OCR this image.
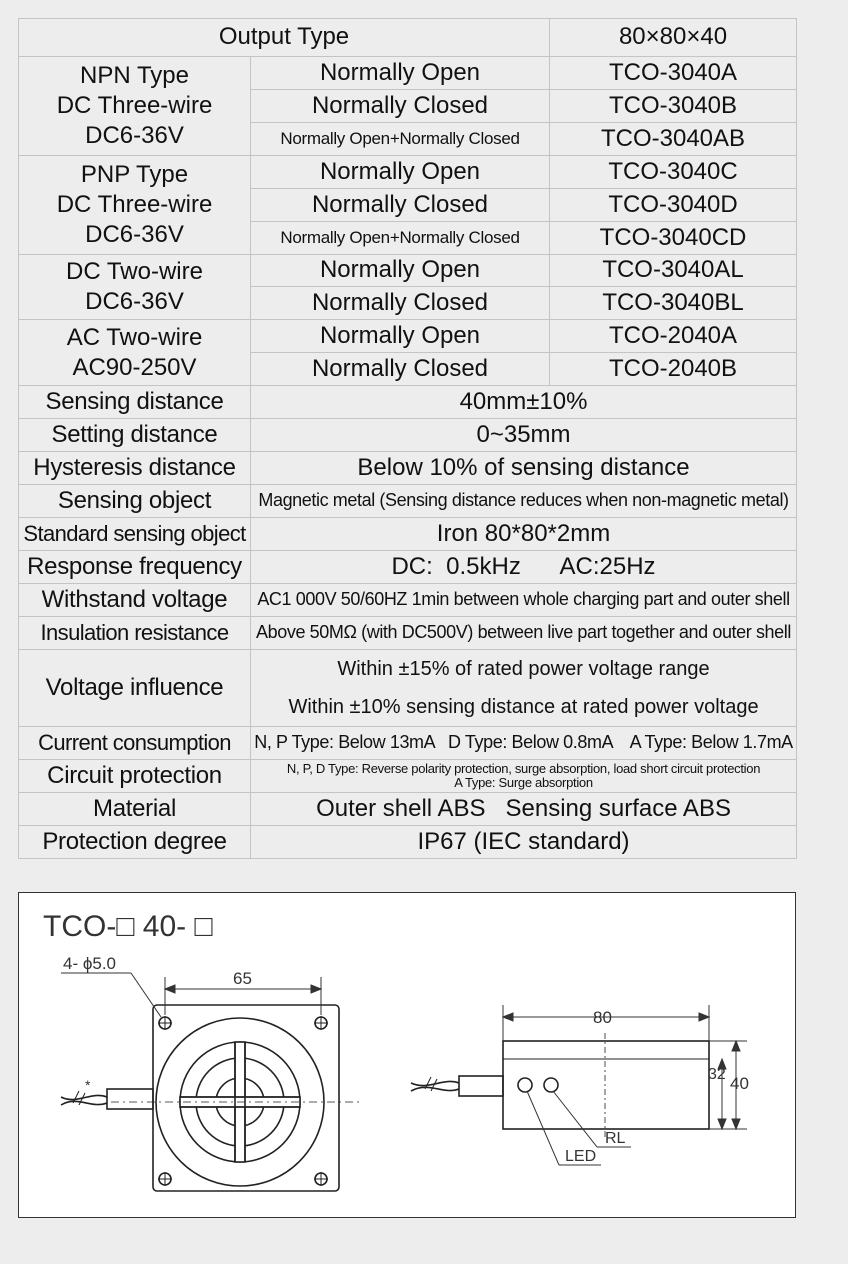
Output Type		80×80×40

NPN Type
DC Three-wire
DC6-36V	Normally Open	TCO-3040A
	Normally Closed	TCO-3040B
	Normally Open+Normally Closed	TCO-3040AB

PNP Type
DC Three-wire
DC6-36V	Normally Open	TCO-3040C
	Normally Closed	TCO-3040D
	Normally Open+Normally Closed	TCO-3040CD

DC Two-wire
DC6-36V	Normally Open	TCO-3040AL
	Normally Closed	TCO-3040BL

AC Two-wire
AC90-250V	Normally Open	TCO-2040A
	Normally Closed	TCO-2040B
Sensing distance	40mm±10%	
Setting distance	0~35mm	
Hysteresis distance	Below 10% of sensing distance	
Sensing object	Magnetic metal (Sensing distance reduces when non-magnetic metal)	
Standard sensing object	Iron 80*80*2mm	
Response frequency	DC:  0.5kHz      AC:25Hz	
Withstand voltage	AC1 000V 50/60HZ 1min between whole charging part and outer shell	
Insulation resistance	Above 50MΩ (with DC500V) between live part together and outer shell	
Voltage influence	Within ±15% of rated power voltage range
Within ±10% sensing distance at rated power voltage	

Current consumption	N, P Type: Below 13mA   D Type: Below 0.8mA    A Type: Below 1.7mA	
Circuit protection	N, P, D Type: Reverse polarity protection, surge absorption, load short circuit protection
A Type: Surge absorption	

Material	Outer shell ABS   Sensing surface ABS	
Protection degree	IP67 (IEC standard)	
TCO-□ 40- □
*
65
4- ϕ5.0
80
32 40
RL
LED
